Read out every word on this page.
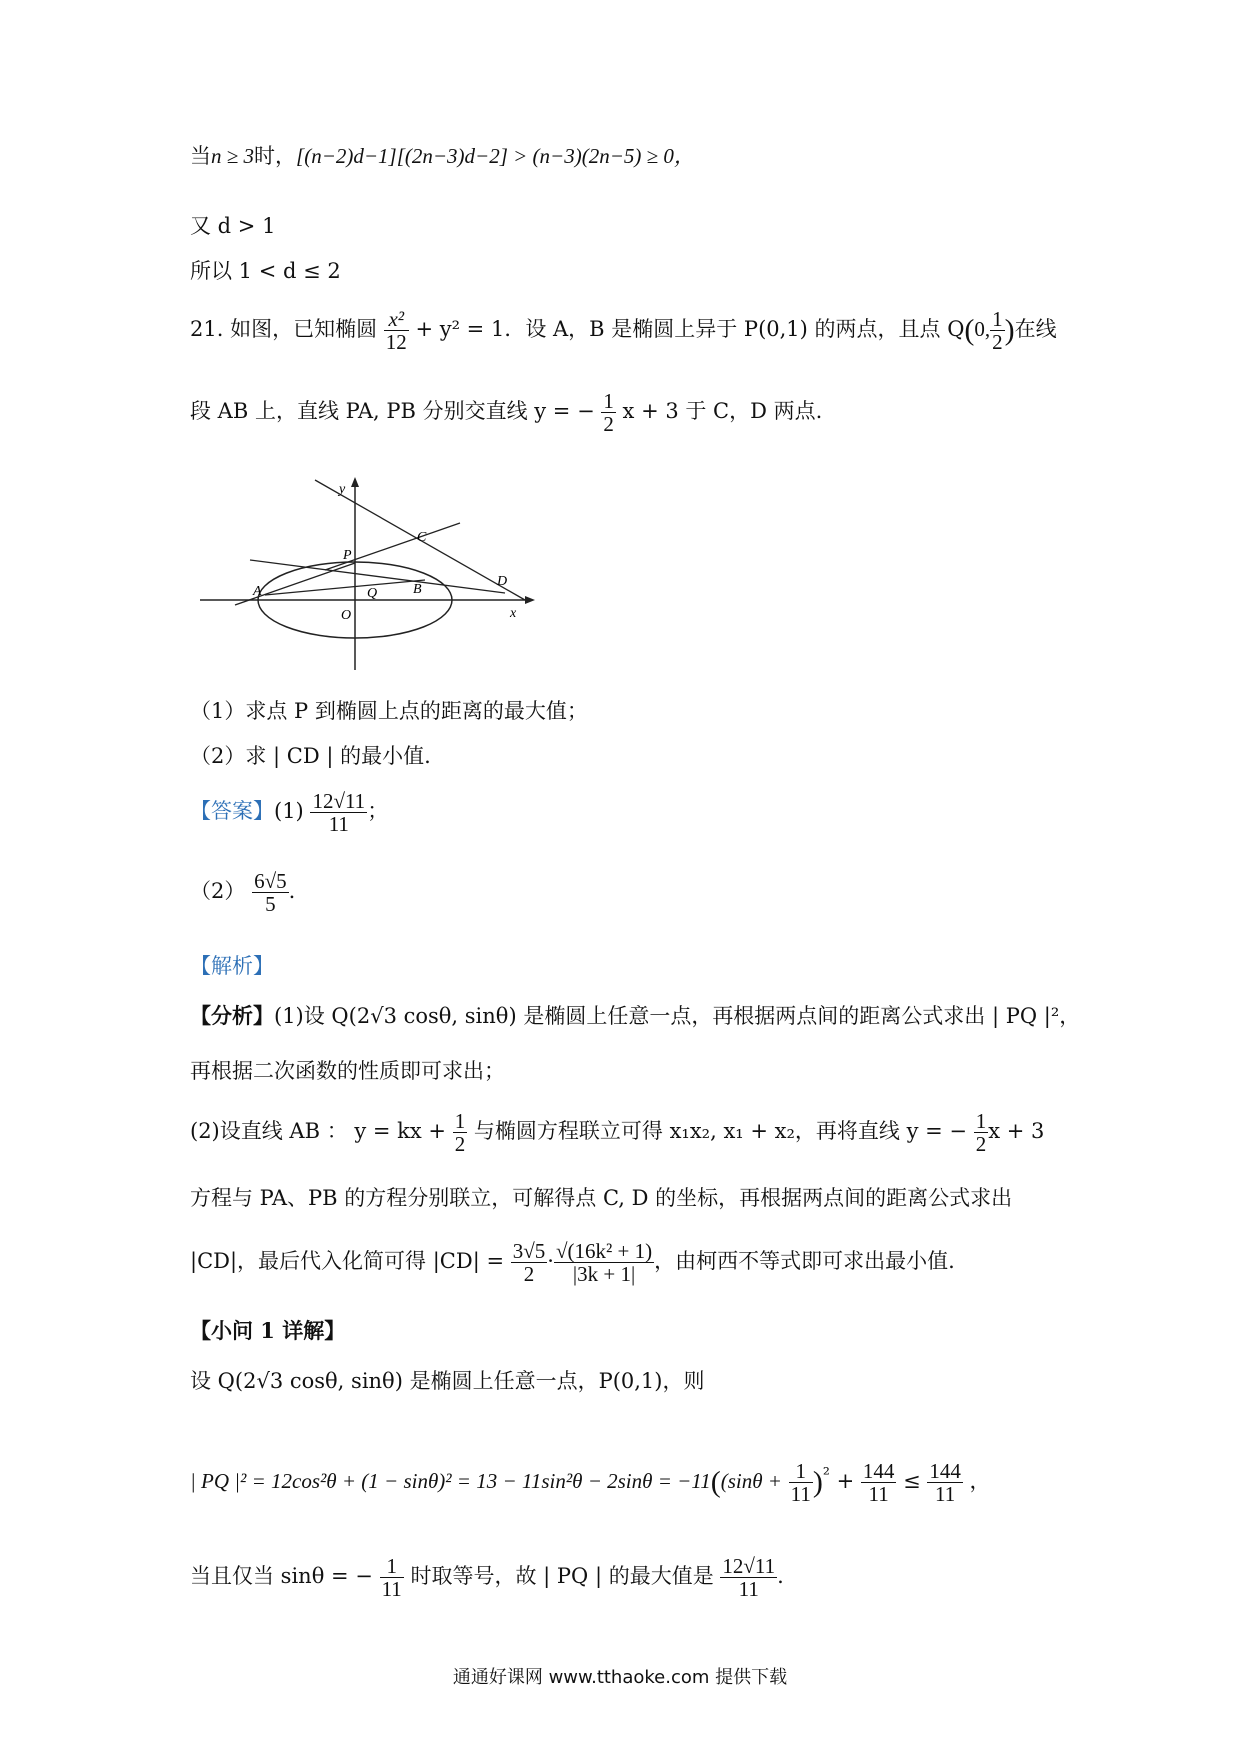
当n ≥ 3时，[(n−2)d−1][(2n−3)d−2] > (n−3)(2n−5) ≥ 0，
又 d > 1
所以 1 < d ≤ 2
21. 如图，已知椭圆 $\frac{\text{x²}}{12} + y^2 = 1$．设 A，B 是椭圆上异于 P(0,1) 的两点，且点 Q(0, $\frac{1}{2}$ )在线
段 AB 上，直线 PA, PB 分别交直线 y = − $\frac{1}{2}$ x + 3 于 C，D 两点.
y
P
C
A	Q	B
D
O	x
（1）求点 P 到椭圆上点的距离的最大值；
（2）求 | CD | 的最小值.
【答案】$(1) \frac{12√11}{11}$ ；
$(2) \frac{6√5}{5}$ .
【解析】
【分析】(1)设 Q(2√3 cosθ, sinθ) 是椭圆上任意一点，再根据两点间的距离公式求出 | PQ |²，
再根据二次函数的性质即可求出；
(2)设直线 AB ： y = kx + $\frac{1}{2}$ 与椭圆方程联立可得 x₁x₂, x₁ + x₂，再将直线 y = − $\frac{1}{2}$ x + 3
方程与 PA、PB 的方程分别联立，可解得点 C, D 的坐标，再根据两点间的距离公式求出
|CD|，最后代入化简可得 $|CD| = \frac{3√5}{2} \cdot \frac{\text{√(16k² + 1)}}{|3k + 1|}$ ，由柯西不等式即可求出最小值.
【小问 1 详解】
设 Q(2√3 cosθ, sinθ) 是椭圆上任意一点，P(0,1)，则
| PQ $|^2 = 12\cos^2\theta + (1 - \sin\theta)^2 = 13 - 11\sin^2\theta - 2\sin\theta = -11((\sin\theta + \frac{1}{11} )^{^2} + \frac{144}{11} \le \frac{144}{11}$ ，
当且仅当 sinθ = − $\frac{1}{11}$ 时取等号，故 | PQ | 的最大值是 $\frac{12√11}{11}$ .
通通好课网 www.tthaoke.com 提供下载
